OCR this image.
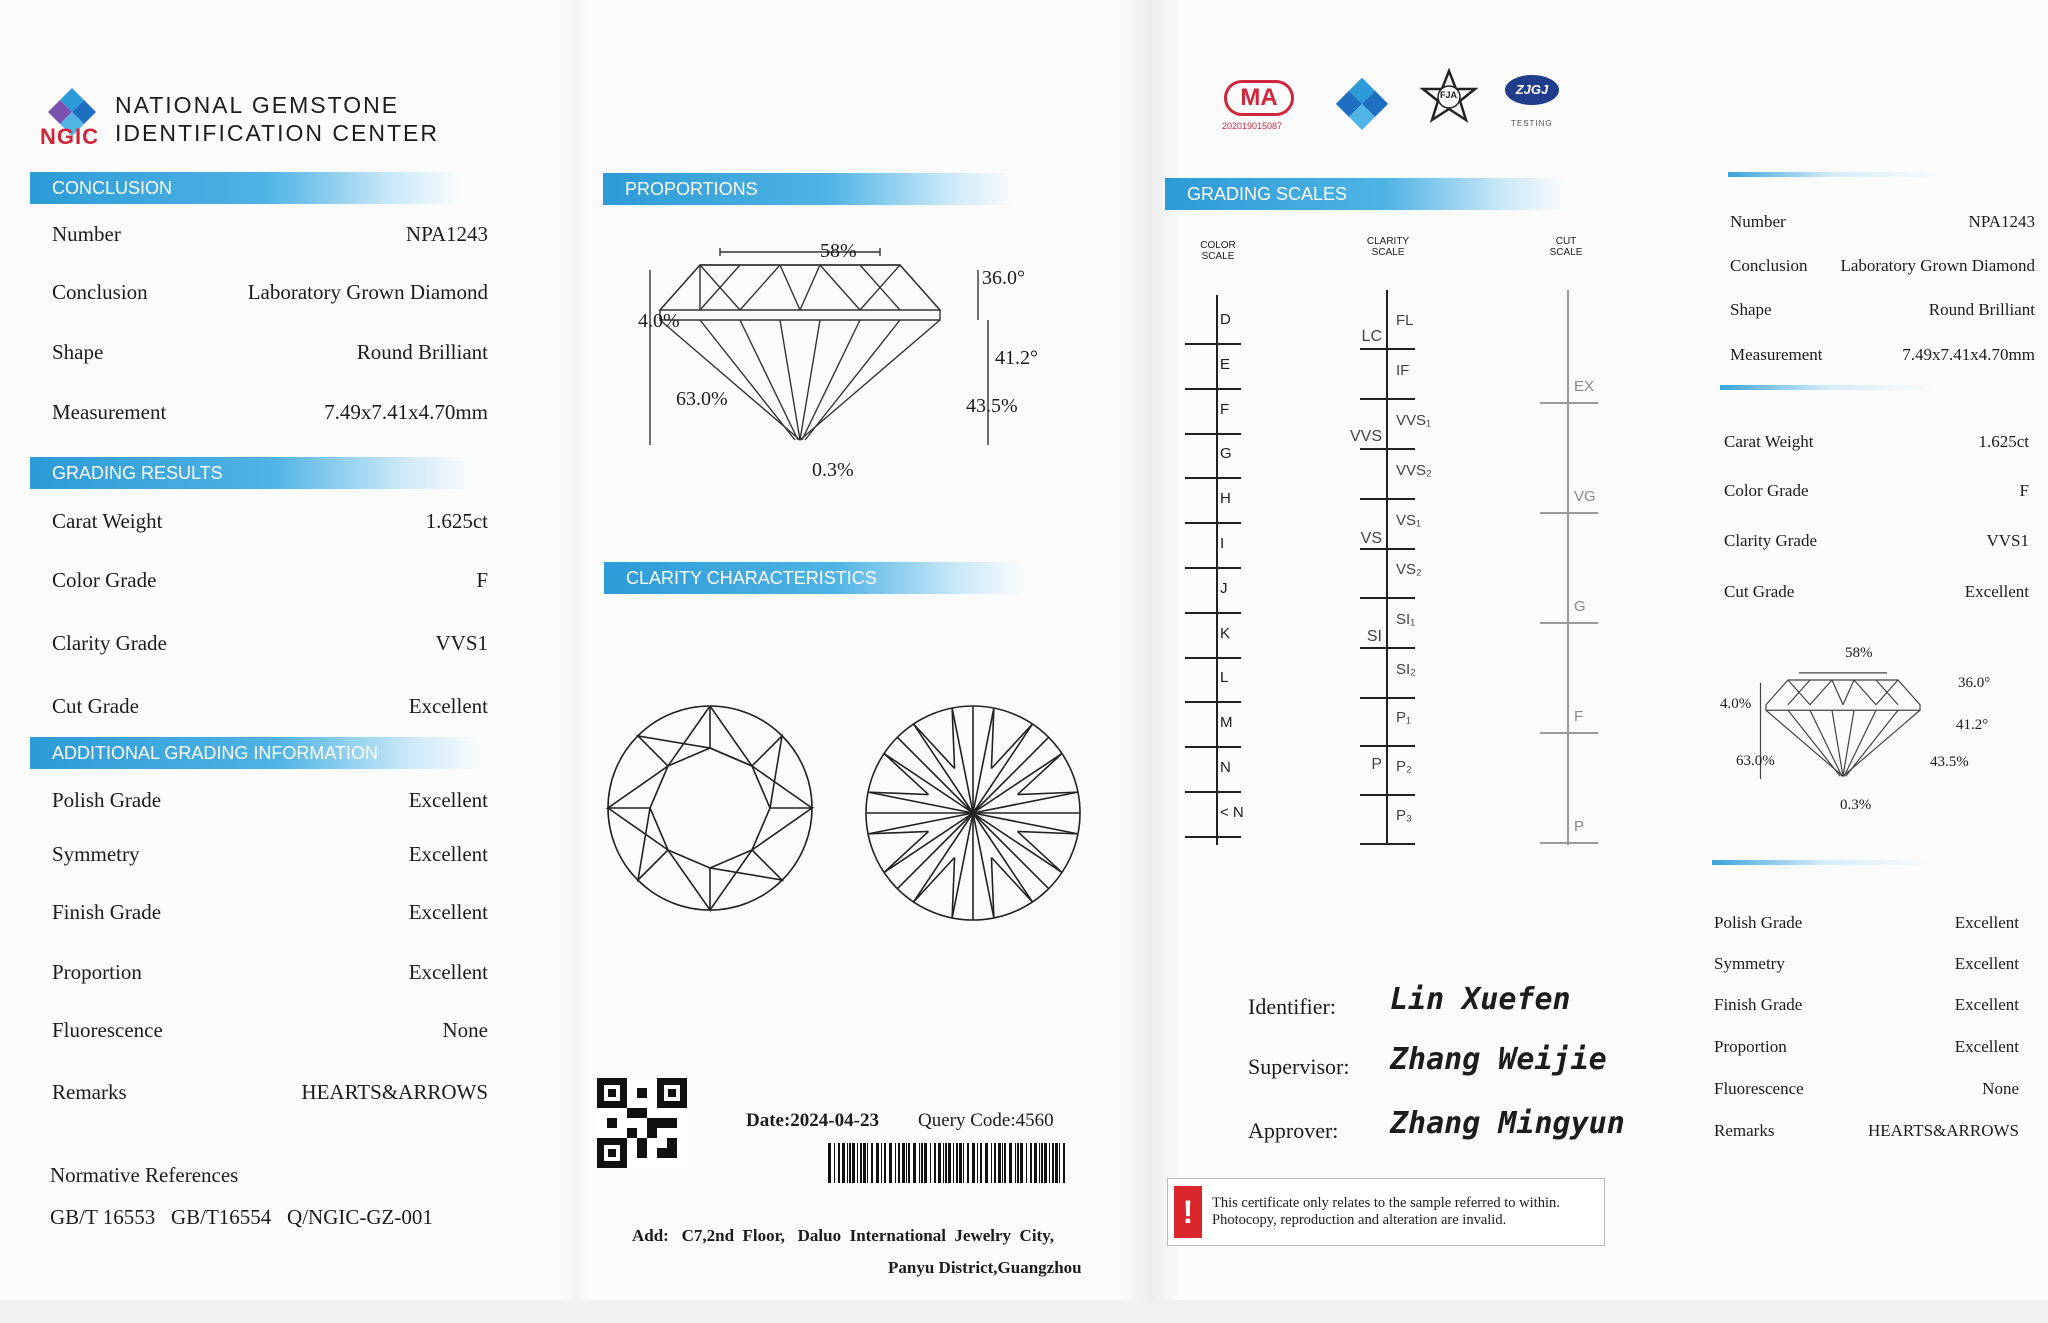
NGIC
NATIONAL GEMSTONE
IDENTIFICATION CENTER
CONCLUSION
Number	NPA1243
Conclusion	Laboratory Grown Diamond
Shape	Round Brilliant
Measurement	7.49x7.41x4.70mm
GRADING RESULTS
Carat Weight	1.625ct
Color Grade	F
Clarity Grade	VVS1
Cut Grade	Excellent
ADDITIONAL GRADING INFORMATION
Polish Grade	Excellent
Symmetry	Excellent
Finish Grade	Excellent
Proportion	Excellent
Fluorescence	None
Remarks	HEARTS&ARROWS
Normative References
GB/T 16553   GB/T16554   Q/NGIC-GZ-001
PROPORTIONS
58%
36.0°
4.0%
41.2°
63.0%	43.5%
0.3%
CLARITY CHARACTERISTICS
Date:2024-04-23 Query Code:4560
Add:   C7,2nd  Floor,   Daluo  International  Jewelry  City,
Panyu District,Guangzhou
MA
202019015087
FJA	ZJGJ
TESTING
GRADING SCALES
COLOR
SCALE
CLARITY
SCALE
CUT
SCALE
D
E
F
G
H
I
J
K
L
M
N
< N
FL
IF
VVS₁
VVS₂
VS₁
VS₂
SI₁
SI₂
P₁
P₂
P₃
LC
VVS
VS
SI
P
EX
VG
G
F
P
Identifier: Lin Xuefen
Supervisor: Zhang Weijie
Approver: Zhang Mingyun
!	This certificate only relates to the sample referred to within. Photocopy, reproduction and alteration are invalid.
Number	NPA1243
Conclusion Laboratory Grown Diamond
Shape	Round Brilliant
Measurement	7.49x7.41x4.70mm
Carat Weight	1.625ct
Color Grade	F
Clarity Grade	VVS1
Cut Grade	Excellent
58%
36.0°
4.0%
41.2°
63.0%	43.5%
0.3%
Polish Grade	Excellent
Symmetry	Excellent
Finish Grade	Excellent
Proportion	Excellent
Fluorescence	None
Remarks	HEARTS&ARROWS
